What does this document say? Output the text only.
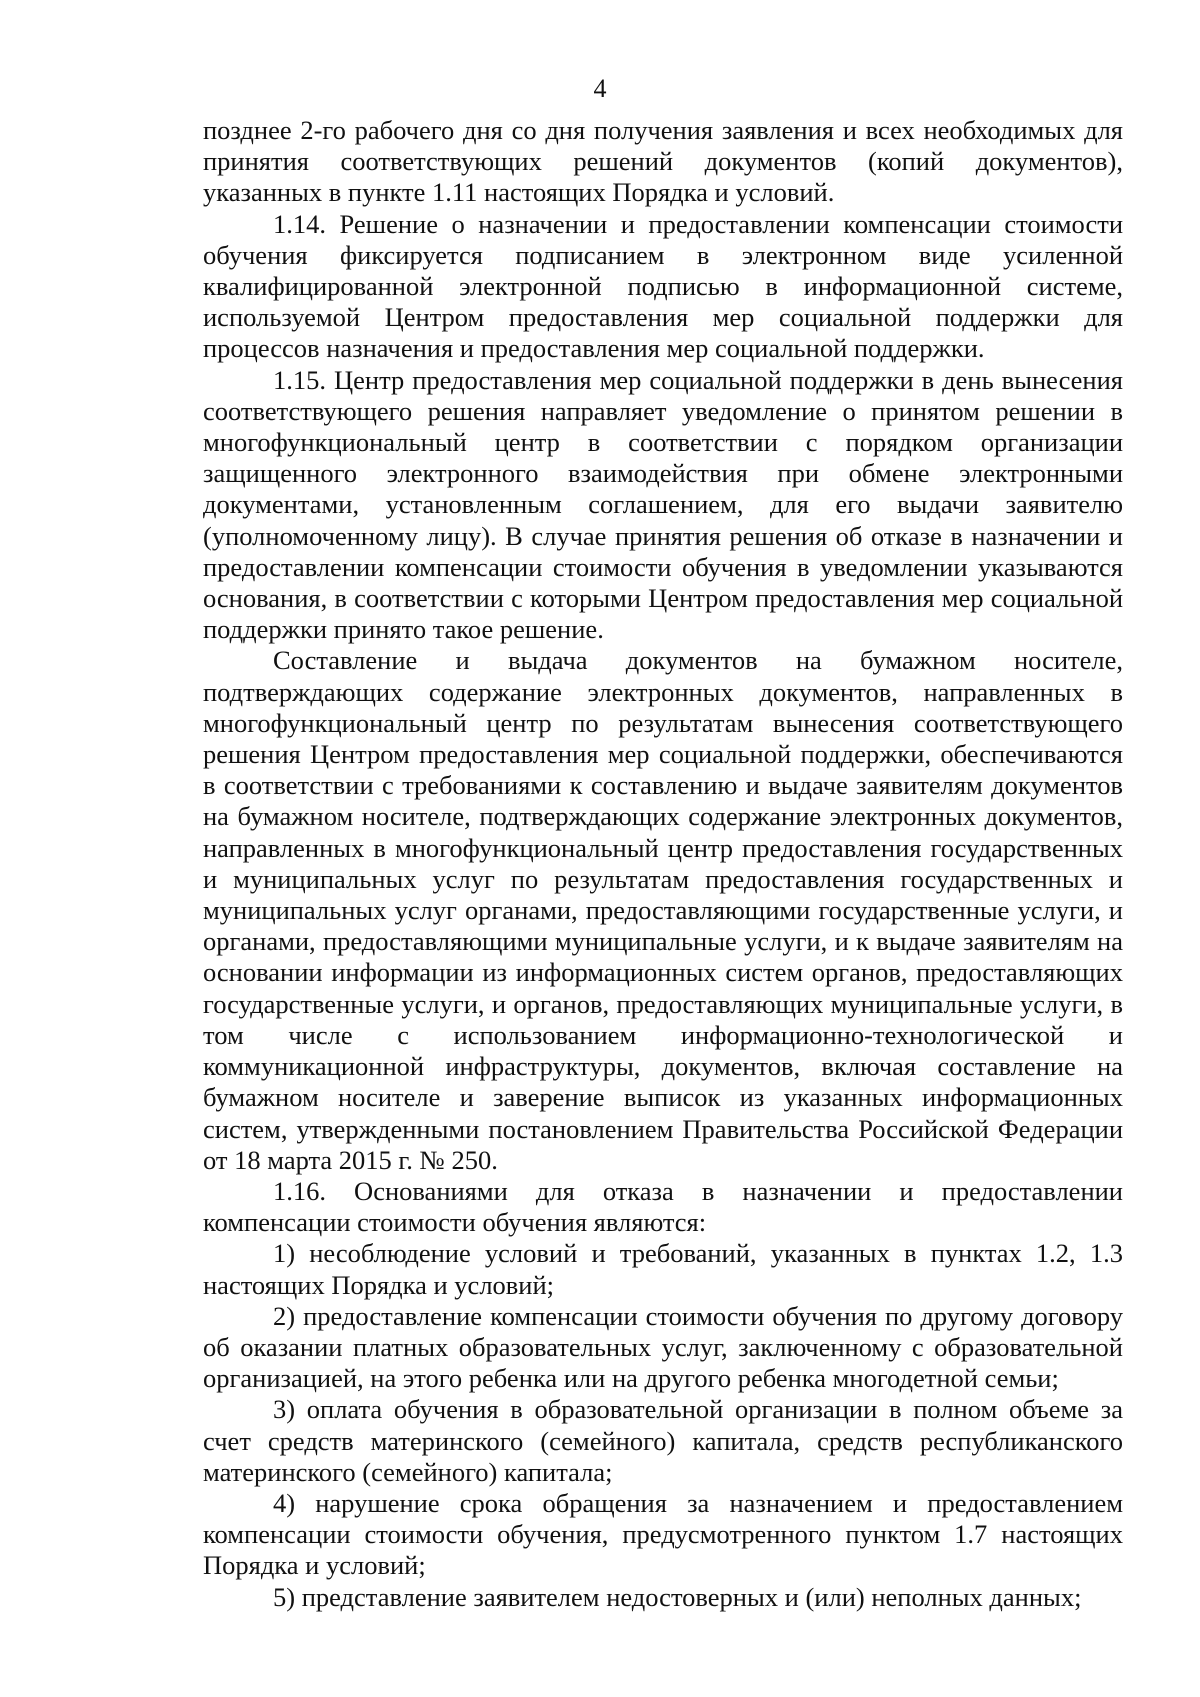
4

позднее 2-го рабочего дня со дня получения заявления и всех необходимых для принятия соответствующих решений документов (копий документов), указанных в пункте 1.11 настоящих Порядка и условий.

1.14. Решение о назначении и предоставлении компенсации стоимости обучения фиксируется подписанием в электронном виде усиленной квалифицированной электронной подписью в информационной системе, используемой Центром предоставления мер социальной поддержки для процессов назначения и предоставления мер социальной поддержки.

1.15. Центр предоставления мер социальной поддержки в день вынесения соответствующего решения направляет уведомление о принятом решении в многофункциональный центр в соответствии с порядком организации защищенного электронного взаимодействия при обмене электронными документами, установленным соглашением, для его выдачи заявителю (уполномоченному лицу). В случае принятия решения об отказе в назначении и предоставлении компенсации стоимости обучения в уведомлении указываются основания, в соответствии с которыми Центром предоставления мер социальной поддержки принято такое решение.

Составление и выдача документов на бумажном носителе, подтверждающих содержание электронных документов, направленных в многофункциональный центр по результатам вынесения соответствующего решения Центром предоставления мер социальной поддержки, обеспечиваются в соответствии с требованиями к составлению и выдаче заявителям документов на бумажном носителе, подтверждающих содержание электронных документов, направленных в многофункциональный центр предоставления государственных и муниципальных услуг по результатам предоставления государственных и муниципальных услуг органами, предоставляющими государственные услуги, и органами, предоставляющими муниципальные услуги, и к выдаче заявителям на основании информации из информационных систем органов, предоставляющих государственные услуги, и органов, предоставляющих муниципальные услуги, в том числе с использованием информационно-технологической и коммуникационной инфраструктуры, документов, включая составление на бумажном носителе и заверение выписок из указанных информационных систем, утвержденными постановлением Правительства Российской Федерации от 18 марта 2015 г. № 250.

1.16. Основаниями для отказа в назначении и предоставлении компенсации стоимости обучения являются:

1) несоблюдение условий и требований, указанных в пунктах 1.2, 1.3 настоящих Порядка и условий;

2) предоставление компенсации стоимости обучения по другому договору об оказании платных образовательных услуг, заключенному с образовательной организацией, на этого ребенка или на другого ребенка многодетной семьи;

3) оплата обучения в образовательной организации в полном объеме за счет средств материнского (семейного) капитала, средств республиканского материнского (семейного) капитала;

4) нарушение срока обращения за назначением и предоставлением компенсации стоимости обучения, предусмотренного пунктом 1.7 настоящих Порядка и условий;

5) представление заявителем недостоверных и (или) неполных данных;
